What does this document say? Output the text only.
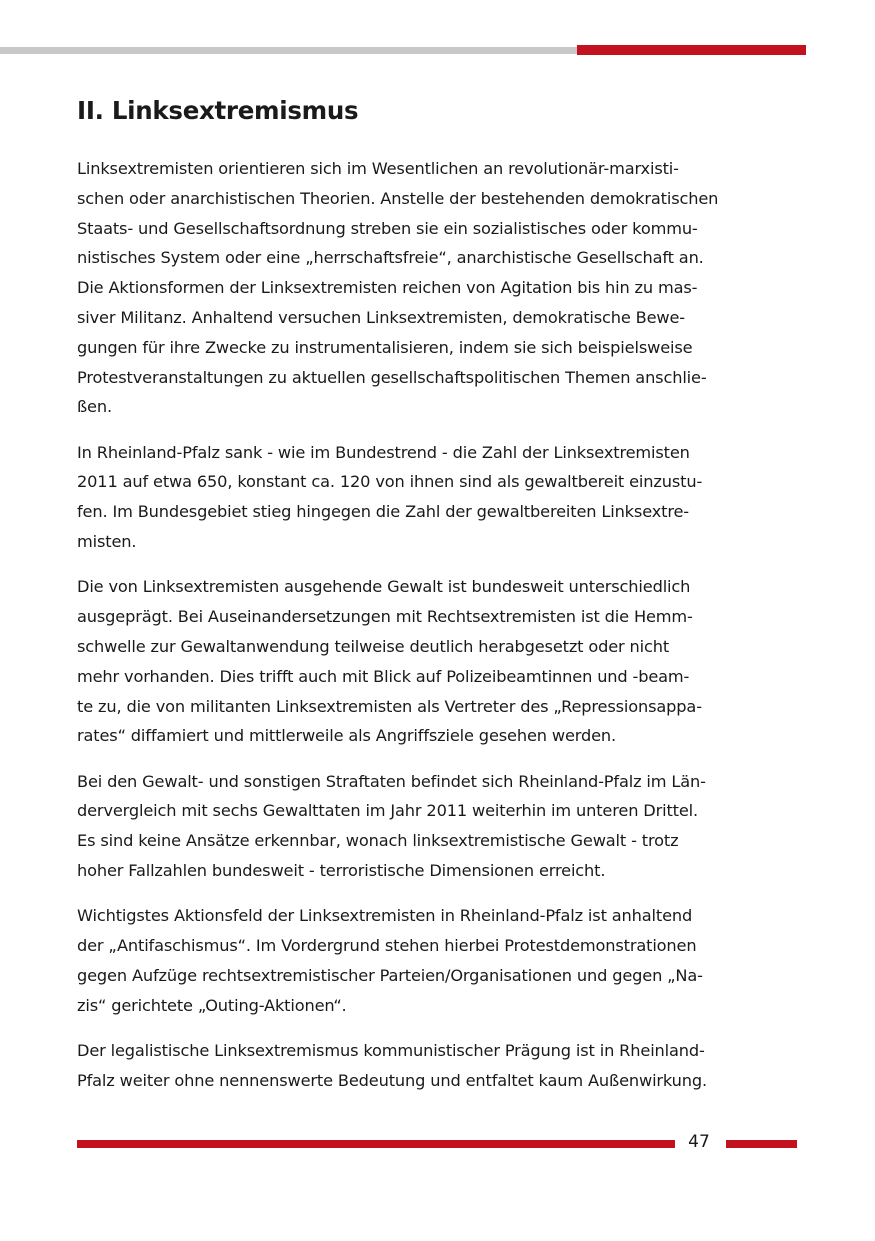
II. Linksextremismus

Linksextremisten orientieren sich im Wesentlichen an revolutionär-marxisti-
schen oder anarchistischen Theorien. Anstelle der bestehenden demokratischen
Staats- und Gesellschaftsordnung streben sie ein sozialistisches oder kommu-
nistisches System oder eine „herrschaftsfreie“, anarchistische Gesellschaft an.
Die Aktionsformen der Linksextremisten reichen von Agitation bis hin zu mas-
siver Militanz. Anhaltend versuchen Linksextremisten, demokratische Bewe-
gungen für ihre Zwecke zu instrumentalisieren, indem sie sich beispielsweise
Protestveranstaltungen zu aktuellen gesellschaftspolitischen Themen anschlie-
ßen.

In Rheinland-Pfalz sank - wie im Bundestrend - die Zahl der Linksextremisten
2011 auf etwa 650, konstant ca. 120 von ihnen sind als gewaltbereit einzustu-
fen. Im Bundesgebiet stieg hingegen die Zahl der gewaltbereiten Linksextre-
misten.

Die von Linksextremisten ausgehende Gewalt ist bundesweit unterschiedlich
ausgeprägt. Bei Auseinandersetzungen mit Rechtsextremisten ist die Hemm-
schwelle zur Gewaltanwendung teilweise deutlich herabgesetzt oder nicht
mehr vorhanden. Dies trifft auch mit Blick auf Polizeibeamtinnen und -beam-
te zu, die von militanten Linksextremisten als Vertreter des „Repressionsappa-
rates“ diffamiert und mittlerweile als Angriffsziele gesehen werden.

Bei den Gewalt- und sonstigen Straftaten befindet sich Rheinland-Pfalz im Län-
dervergleich mit sechs Gewalttaten im Jahr 2011 weiterhin im unteren Drittel.
Es sind keine Ansätze erkennbar, wonach linksextremistische Gewalt - trotz
hoher Fallzahlen bundesweit - terroristische Dimensionen erreicht.

Wichtigstes Aktionsfeld der Linksextremisten in Rheinland-Pfalz ist anhaltend
der „Antifaschismus“. Im Vordergrund stehen hierbei Protestdemonstrationen
gegen Aufzüge rechtsextremistischer Parteien/Organisationen und gegen „Na-
zis“ gerichtete „Outing-Aktionen“.

Der legalistische Linksextremismus kommunistischer Prägung ist in Rheinland-
Pfalz weiter ohne nennenswerte Bedeutung und entfaltet kaum Außenwirkung.

47
